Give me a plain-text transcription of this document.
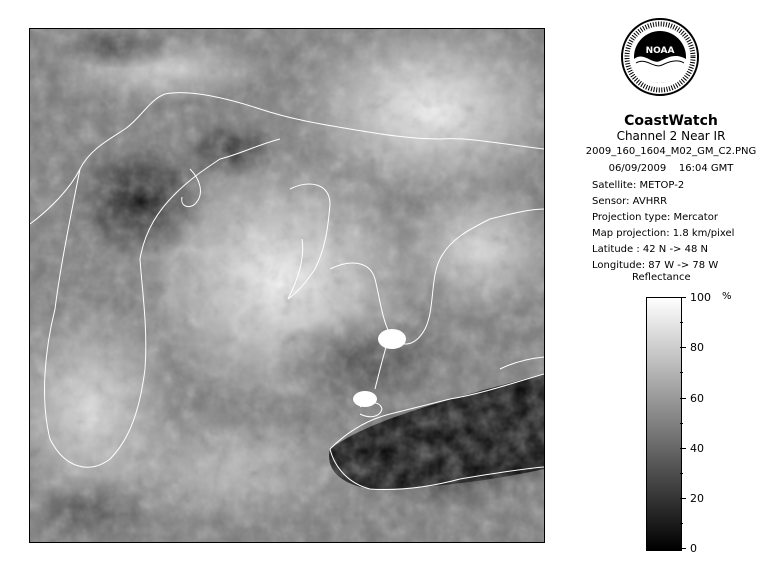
NOAA
CoastWatch
Channel 2 Near IR
2009_160_1604_M02_GM_C2.PNG
06/09/2009    16:04 GMT
Satellite: METOP-2
Sensor: AVHRR
Projection type: Mercator
Map projection: 1.8 km/pixel
Latitude : 42 N -> 48 N
Longitude: 87 W -> 78 W
Reflectance
%
100
80
60
40
20
0
